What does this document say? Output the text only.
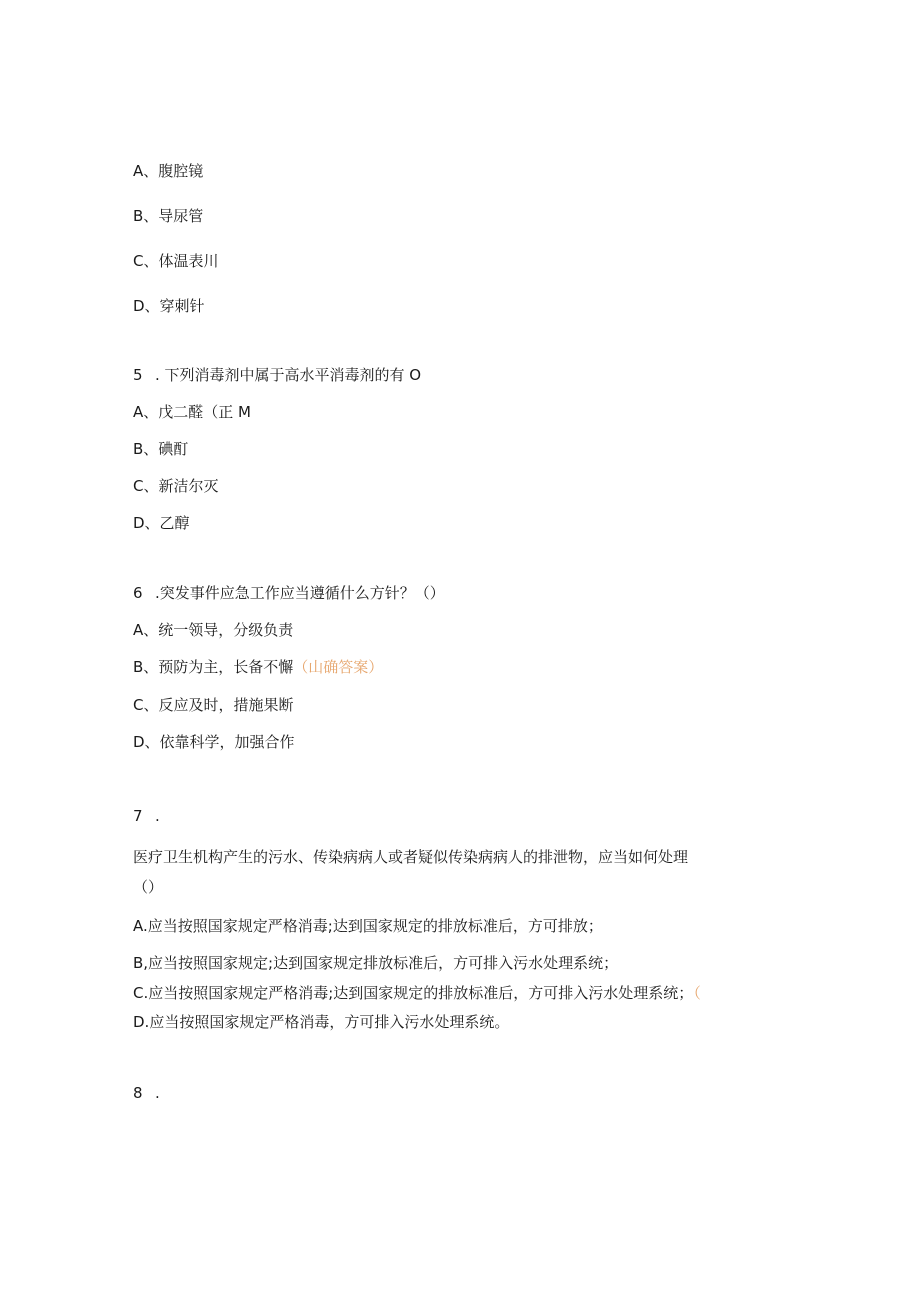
A、腹腔镜
B、导尿管
C、体温表川
D、穿刺针
5 . 下列消毒剂中属于高水平消毒剂的有 O
A、戊二醛（正 M
B、碘酊
C、新洁尔灭
D、乙醇
6 .突发事件应急工作应当遵循什么方针？（）
A、统一领导，分级负责
B、预防为主，长备不懈（山确答案）
C、反应及时，措施果断
D、依靠科学，加强合作
7 .
医疗卫生机构产生的污水、传染病病人或者疑似传染病病人的排泄物，应当如何处理
（）
A.应当按照国家规定严格消毒;达到国家规定的排放标准后，方可排放；
B,应当按照国家规定;达到国家规定排放标准后，方可排入污水处理系统；
C.应当按照国家规定严格消毒;达到国家规定的排放标准后，方可排入污水处理系统；（
D.应当按照国家规定严格消毒，方可排入污水处理系统。
8 .
